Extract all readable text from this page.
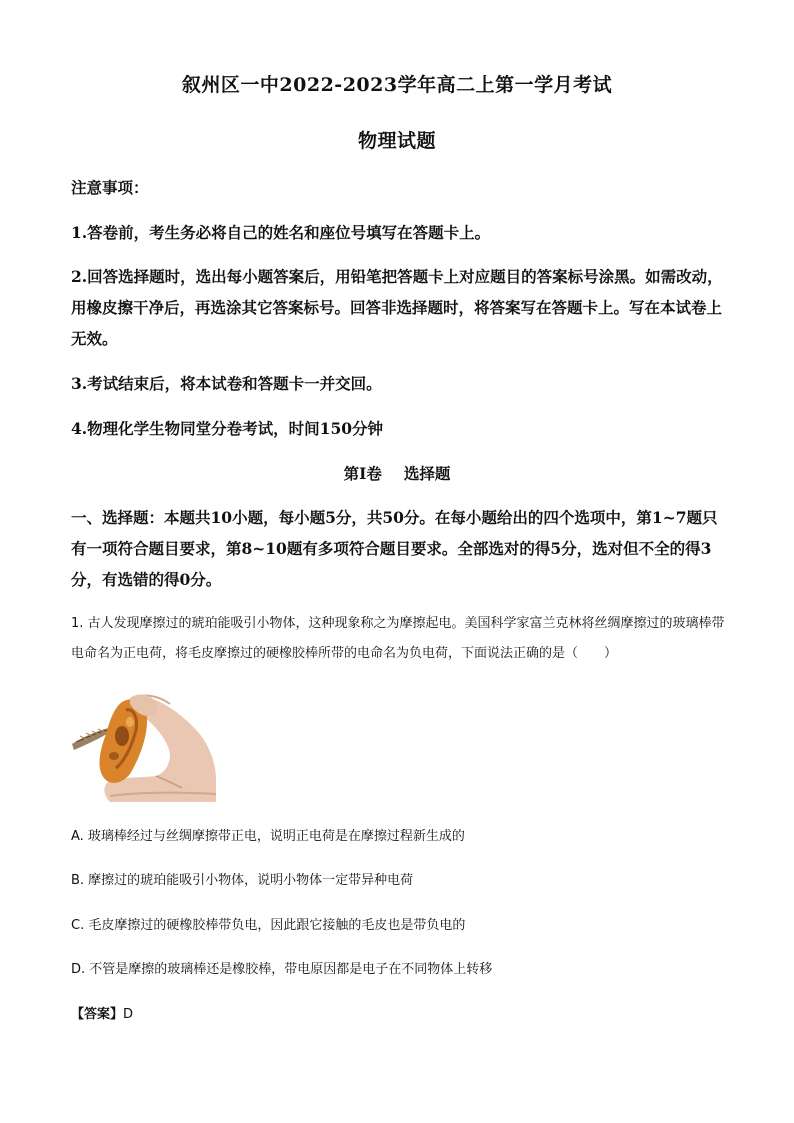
叙州区一中2022-2023学年高二上第一学月考试
物理试题
注意事项：
1.答卷前，考生务必将自己的姓名和座位号填写在答题卡上。
2.回答选择题时，选出每小题答案后，用铅笔把答题卡上对应题目的答案标号涂黑。如需改动，用橡皮擦干净后，再选涂其它答案标号。回答非选择题时，将答案写在答题卡上。写在本试卷上无效。
3.考试结束后，将本试卷和答题卡一并交回。
4.物理化学生物同堂分卷考试，时间150分钟
第I卷 选择题
一、选择题：本题共10小题，每小题5分，共50分。在每小题给出的四个选项中，第1~7题只有一项符合题目要求，第8~10题有多项符合题目要求。全部选对的得5分，选对但不全的得3分，有选错的得0分。
1. 古人发现摩擦过的琥珀能吸引小物体，这种现象称之为摩擦起电。美国科学家富兰克林将丝绸摩擦过的玻璃棒带电命名为正电荷，将毛皮摩擦过的硬橡胶棒所带的电命名为负电荷，下面说法正确的是（　　）
A. 玻璃棒经过与丝绸摩擦带正电，说明正电荷是在摩擦过程新生成的
B. 摩擦过的琥珀能吸引小物体，说明小物体一定带异种电荷
C. 毛皮摩擦过的硬橡胶棒带负电，因此跟它接触的毛皮也是带负电的
D. 不管是摩擦的玻璃棒还是橡胶棒，带电原因都是电子在不同物体上转移
【答案】D
